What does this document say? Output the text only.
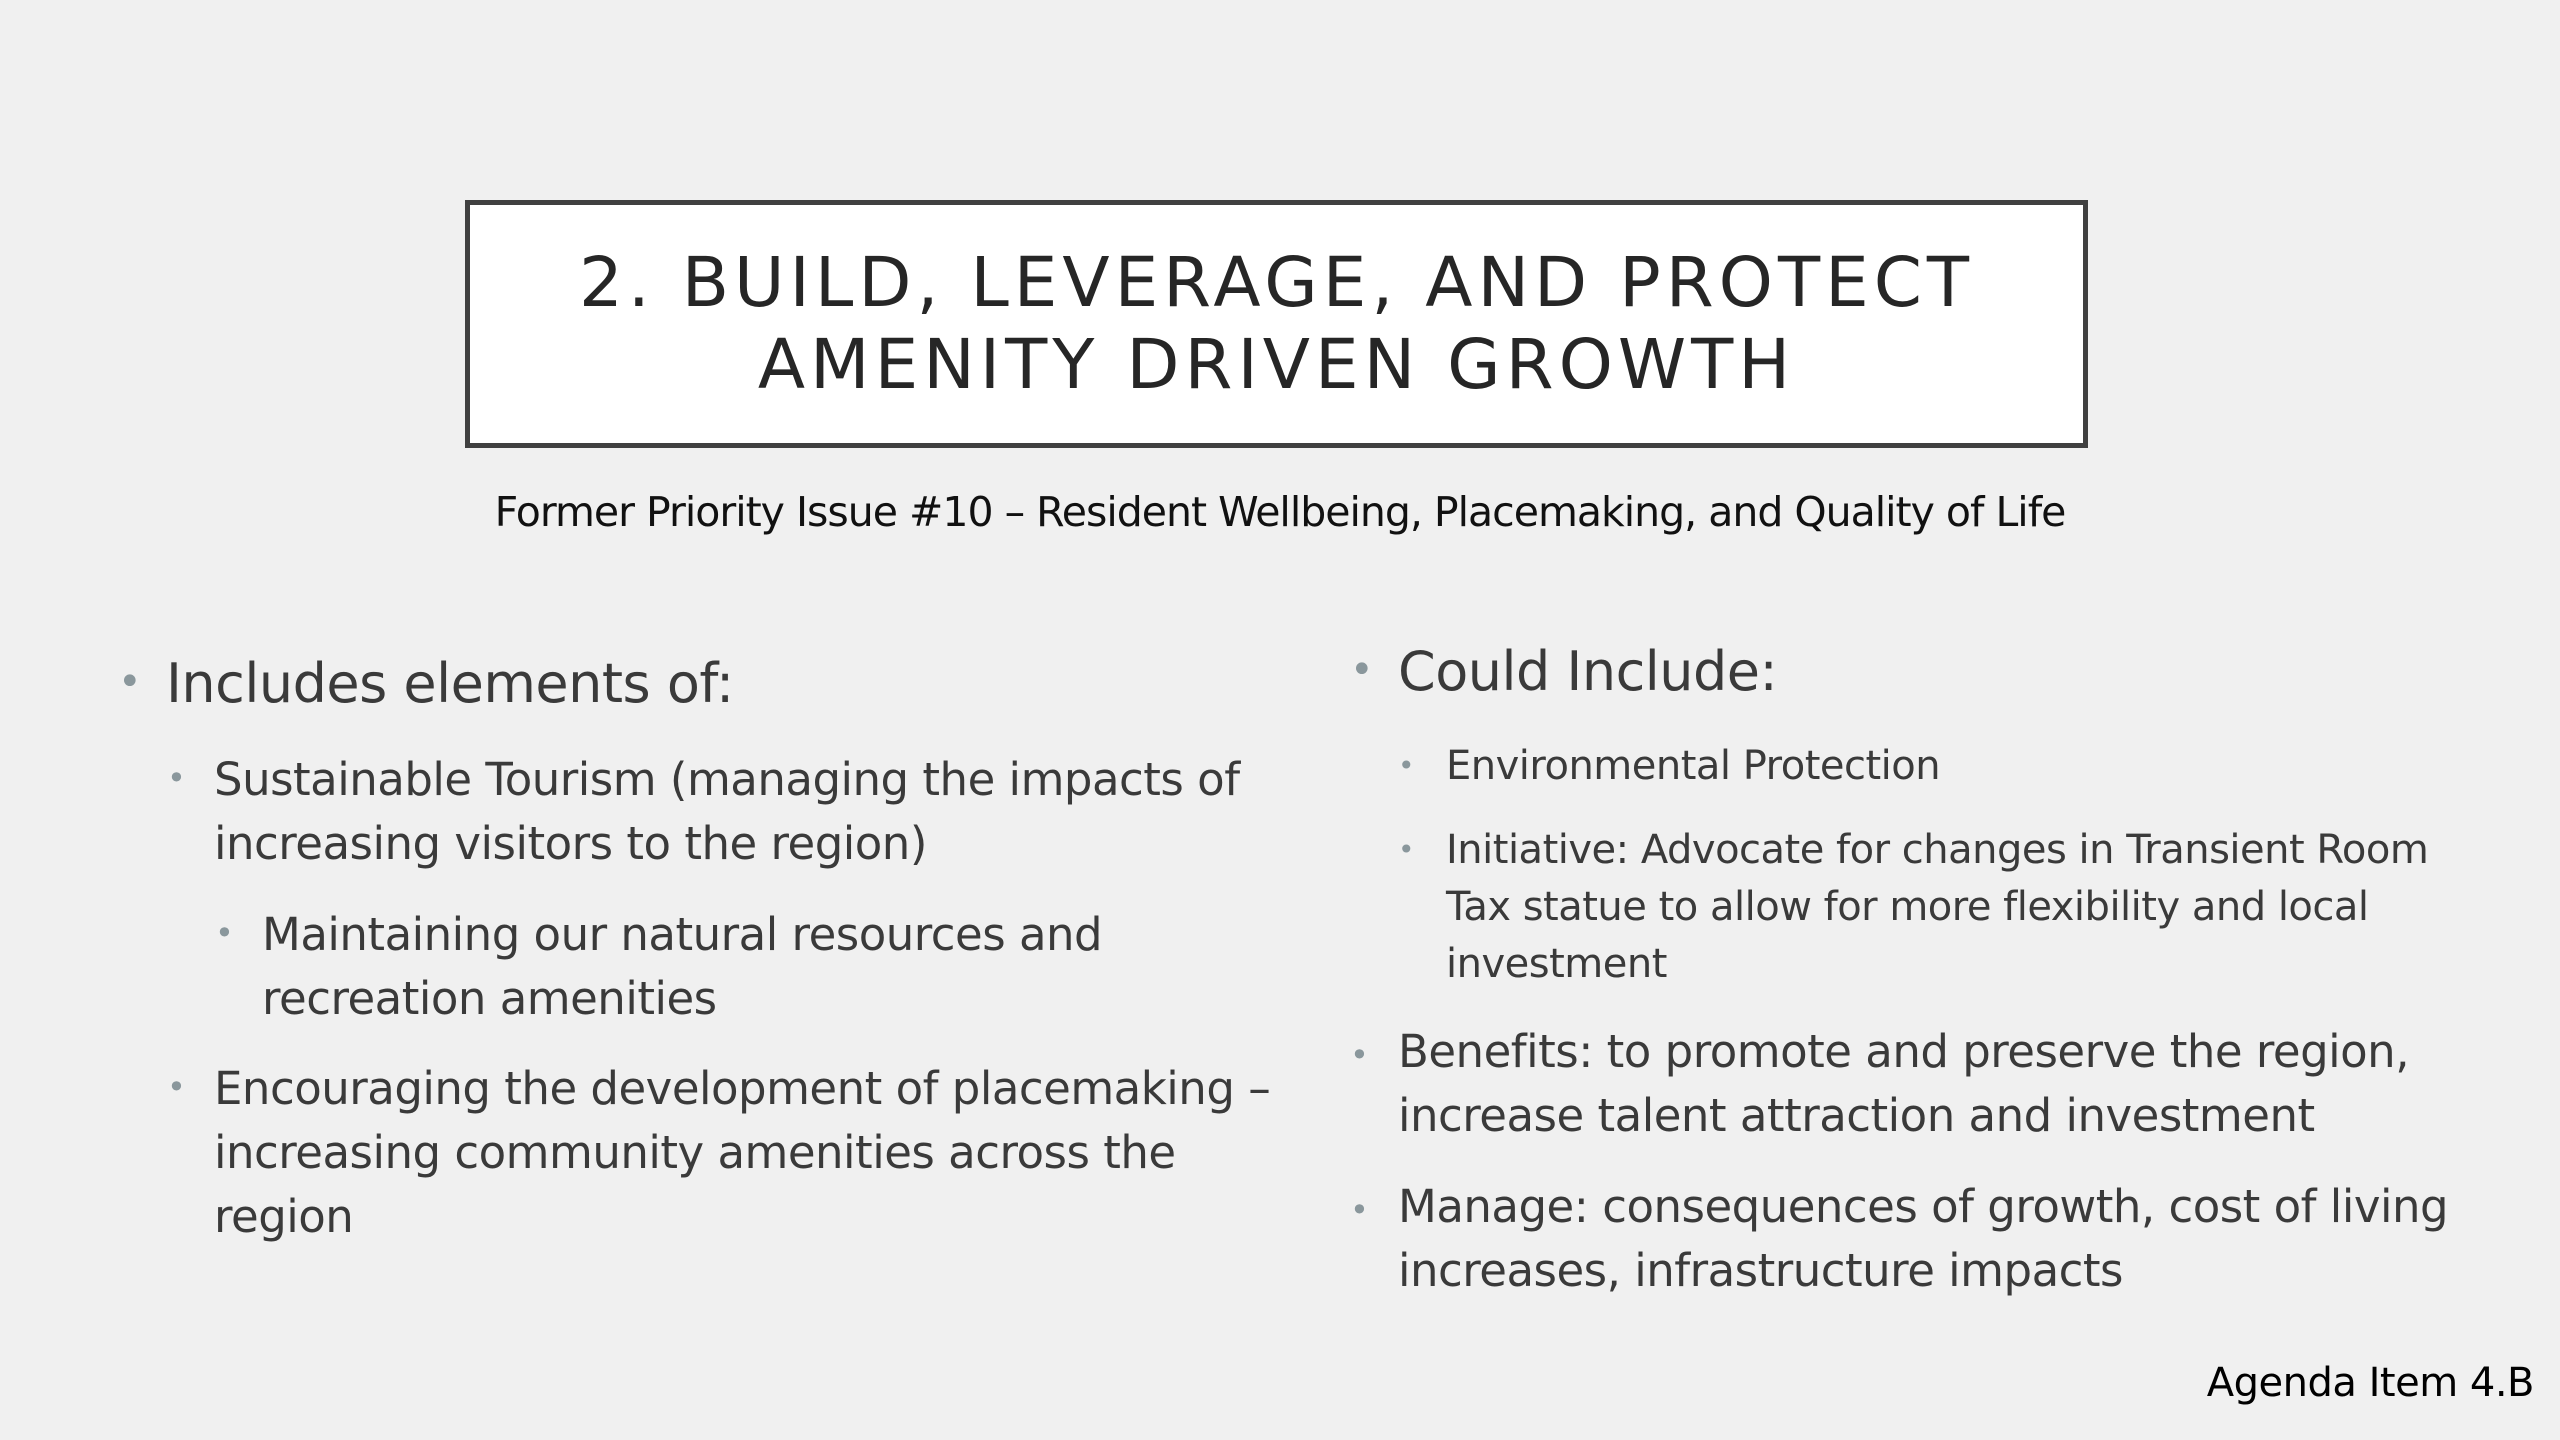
2. BUILD, LEVERAGE, AND PROTECT
AMENITY DRIVEN GROWTH
Former Priority Issue #10 – Resident Wellbeing, Placemaking, and Quality of Life
• Includes elements of:
• Sustainable Tourism (managing the impacts of increasing visitors to the region)
• Maintaining our natural resources and recreation amenities
• Encouraging the development of placemaking – increasing community amenities across the region
• Could Include:
• Environmental Protection
• Initiative: Advocate for changes in Transient Room Tax statue to allow for more flexibility and local investment
• Benefits: to promote and preserve the region, increase talent attraction and investment
• Manage: consequences of growth, cost of living increases, infrastructure impacts
Agenda Item 4.B
